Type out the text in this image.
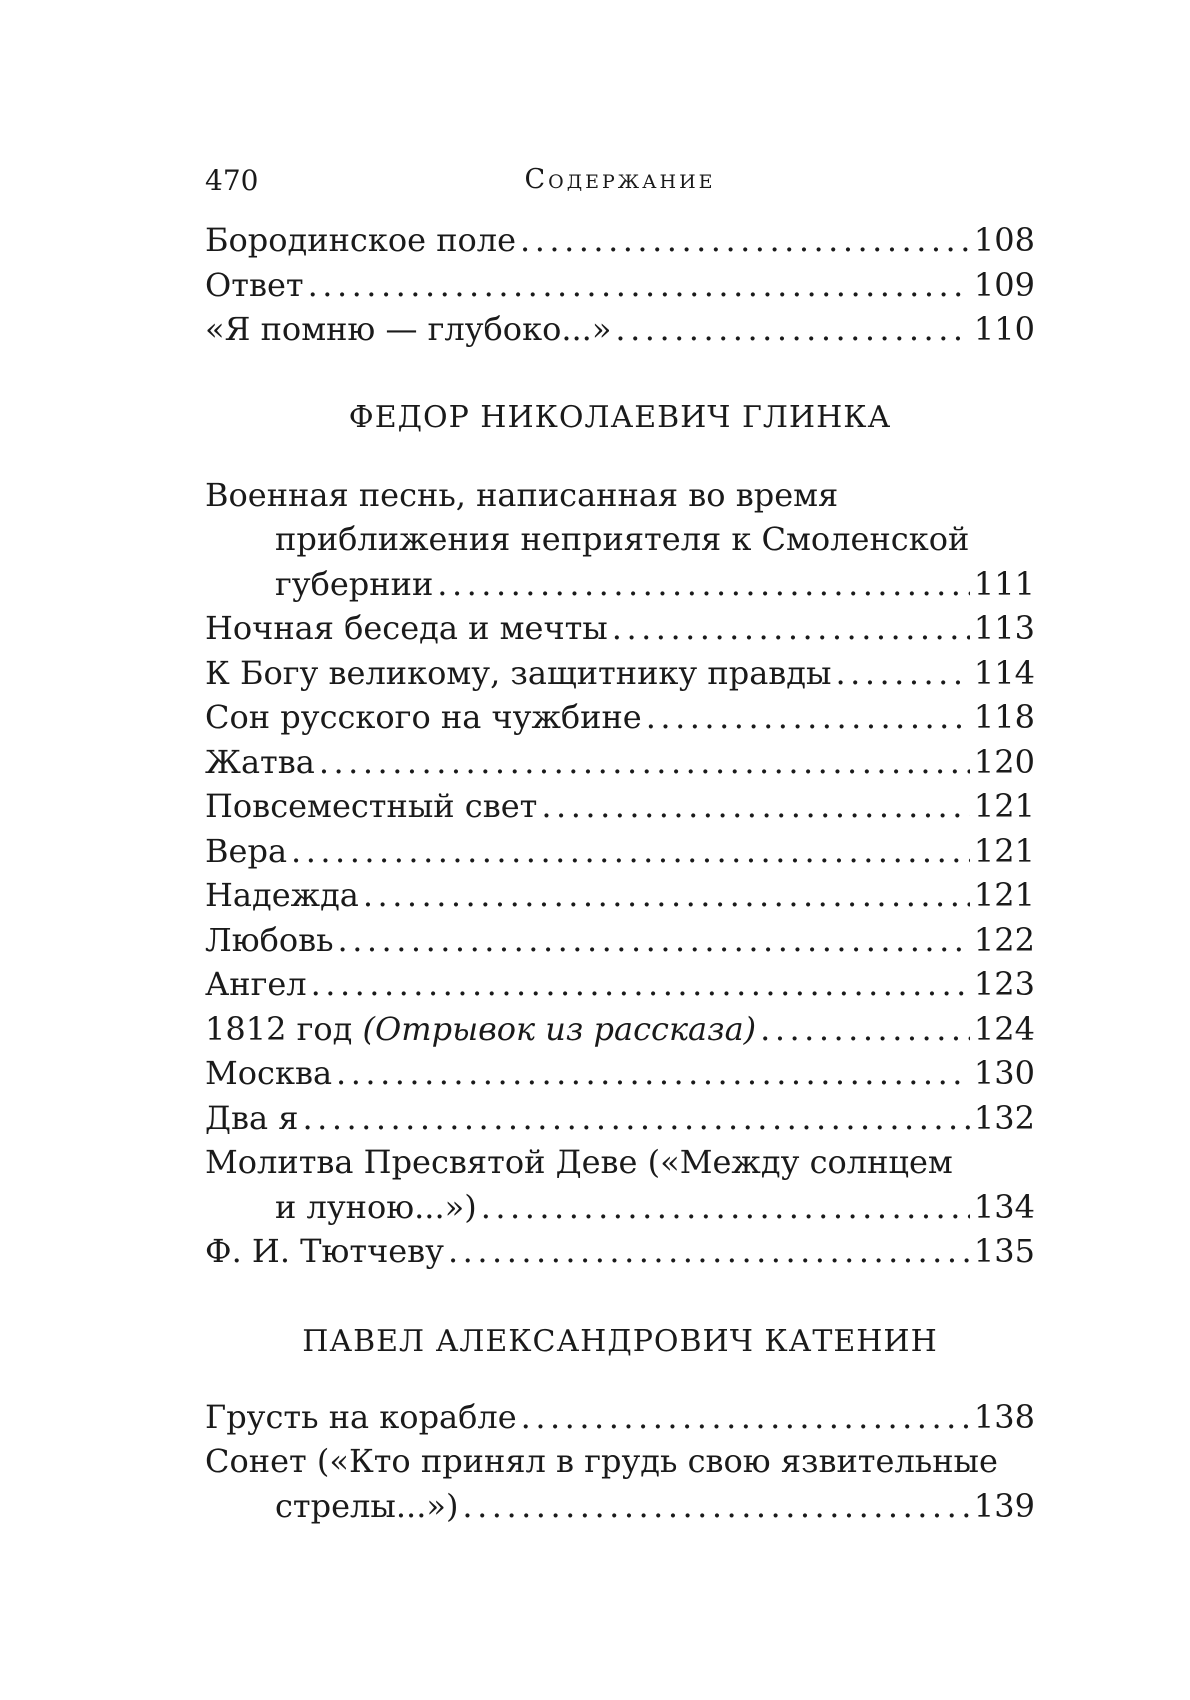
470	Содержание
Бородинское поле .....	108
Ответ .....	109
«Я помню — глубоко...» .....	110
ФЕДОР НИКОЛАЕВИЧ ГЛИНКА
Военная песнь, написанная во время
приближения неприятеля к Смоленской
губернии .....	111
Ночная беседа и мечты .....	113
К Богу великому, защитнику правды .....	114
Сон русского на чужбине .....	118
Жатва .....	120
Повсеместный свет .....	121
Вера .....	121
Надежда .....	121
Любовь .....	122
Ангел .....	123
1812 год (Отрывок из рассказа) .....	124
Москва .....	130
Два я .....	132
Молитва Пресвятой Деве («Между солнцем
и луною...») .....	134
Ф. И. Тютчеву .....	135
ПАВЕЛ АЛЕКСАНДРОВИЧ КАТЕНИН
Грусть на корабле .....	138
Сонет («Кто принял в грудь свою язвительные
стрелы...») .....	139
